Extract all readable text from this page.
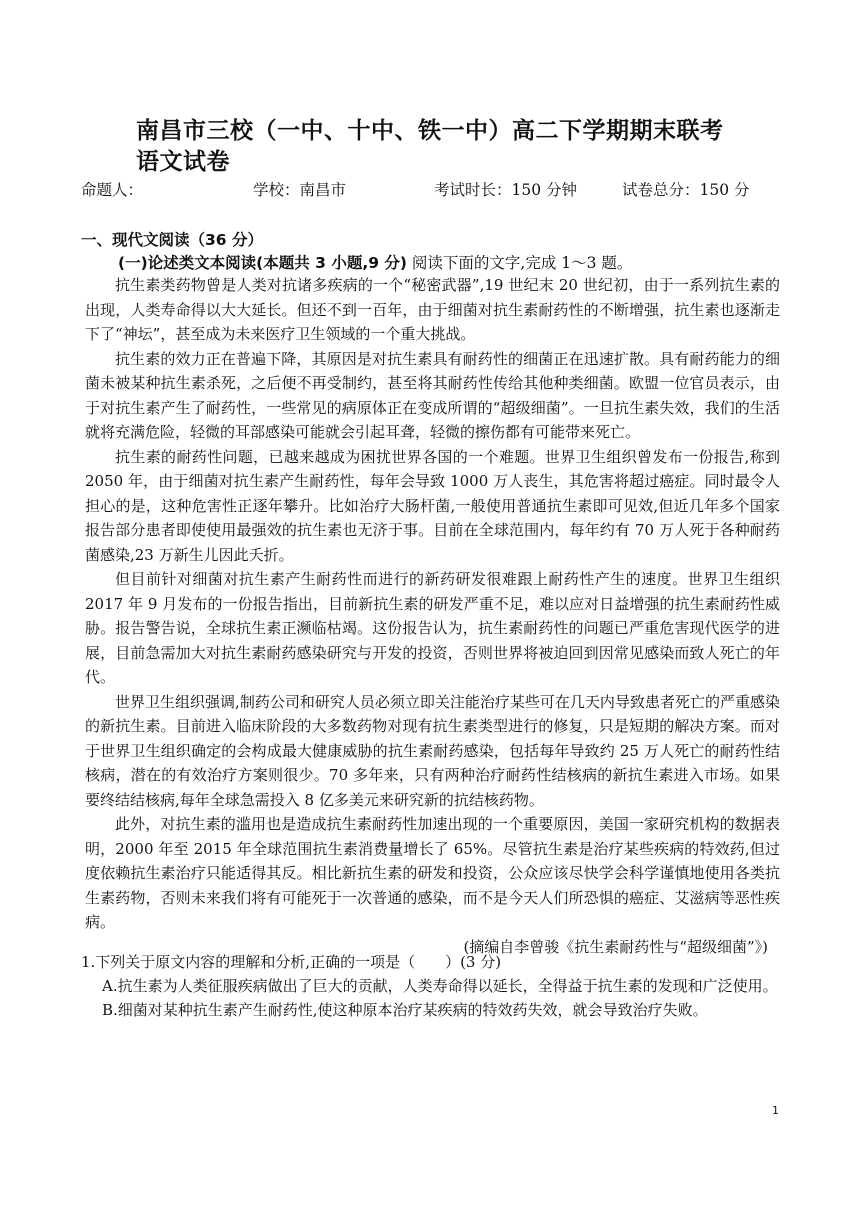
南昌市三校（一中、十中、铁一中）高二下学期期末联考
语文试卷
命题人：	学校：南昌市	考试时长：150 分钟	试卷总分：150 分
一、现代文阅读（36 分）
(一)论述类文本阅读(本题共 3 小题,9 分) 阅读下面的文字,完成 1～3 题。

抗生素类药物曾是人类对抗诸多疾病的一个“秘密武器”,19 世纪末 20 世纪初，由于一系列抗生素的出现，人类寿命得以大大延长。但还不到一百年，由于细菌对抗生素耐药性的不断增强，抗生素也逐渐走下了“神坛”，甚至成为未来医疗卫生领域的一个重大挑战。

抗生素的效力正在普遍下降，其原因是对抗生素具有耐药性的细菌正在迅速扩散。具有耐药能力的细菌未被某种抗生素杀死，之后便不再受制约，甚至将其耐药性传给其他种类细菌。欧盟一位官员表示，由于对抗生素产生了耐药性，一些常见的病原体正在变成所谓的“超级细菌”。一旦抗生素失效，我们的生活就将充满危险，轻微的耳部感染可能就会引起耳聋，轻微的擦伤都有可能带来死亡。

抗生素的耐药性问题，已越来越成为困扰世界各国的一个难题。世界卫生组织曾发布一份报告,称到 2050 年，由于细菌对抗生素产生耐药性，每年会导致 1000 万人丧生，其危害将超过癌症。同时最令人担心的是，这种危害性正逐年攀升。比如治疗大肠杆菌,一般使用普通抗生素即可见效,但近几年多个国家报告部分患者即使使用最强效的抗生素也无济于事。目前在全球范围内，每年约有 70 万人死于各种耐药菌感染,23 万新生儿因此夭折。

但目前针对细菌对抗生素产生耐药性而进行的新药研发很难跟上耐药性产生的速度。世界卫生组织 2017 年 9 月发布的一份报告指出，目前新抗生素的研发严重不足，难以应对日益增强的抗生素耐药性威胁。报告警告说，全球抗生素正濒临枯竭。这份报告认为，抗生素耐药性的问题已严重危害现代医学的进展，目前急需加大对抗生素耐药感染研究与开发的投资，否则世界将被迫回到因常见感染而致人死亡的年代。

世界卫生组织强调,制药公司和研究人员必须立即关注能治疗某些可在几天内导致患者死亡的严重感染的新抗生素。目前进入临床阶段的大多数药物对现有抗生素类型进行的修复，只是短期的解决方案。而对于世界卫生组织确定的会构成最大健康威胁的抗生素耐药感染，包括每年导致约 25 万人死亡的耐药性结核病，潜在的有效治疗方案则很少。70 多年来，只有两种治疗耐药性结核病的新抗生素进入市场。如果要终结结核病,每年全球急需投入 8 亿多美元来研究新的抗结核药物。

此外，对抗生素的滥用也是造成抗生素耐药性加速出现的一个重要原因，美国一家研究机构的数据表明，2000 年至 2015 年全球范围抗生素消费量增长了 65%。尽管抗生素是治疗某些疾病的特效药,但过度依赖抗生素治疗只能适得其反。相比新抗生素的研发和投资，公众应该尽快学会科学谨慎地使用各类抗生素药物，否则未来我们将有可能死于一次普通的感染，而不是今天人们所恐惧的癌症、艾滋病等恶性疾病。

(摘编自李曾骏《抗生素耐药性与“超级细菌”》)

1.下列关于原文内容的理解和分析,正确的一项是（　　）(3 分)

A.抗生素为人类征服疾病做出了巨大的贡献，人类寿命得以延长，全得益于抗生素的发现和广泛使用。

B.细菌对某种抗生素产生耐药性,使这种原本治疗某疾病的特效药失效，就会导致治疗失败。

1
